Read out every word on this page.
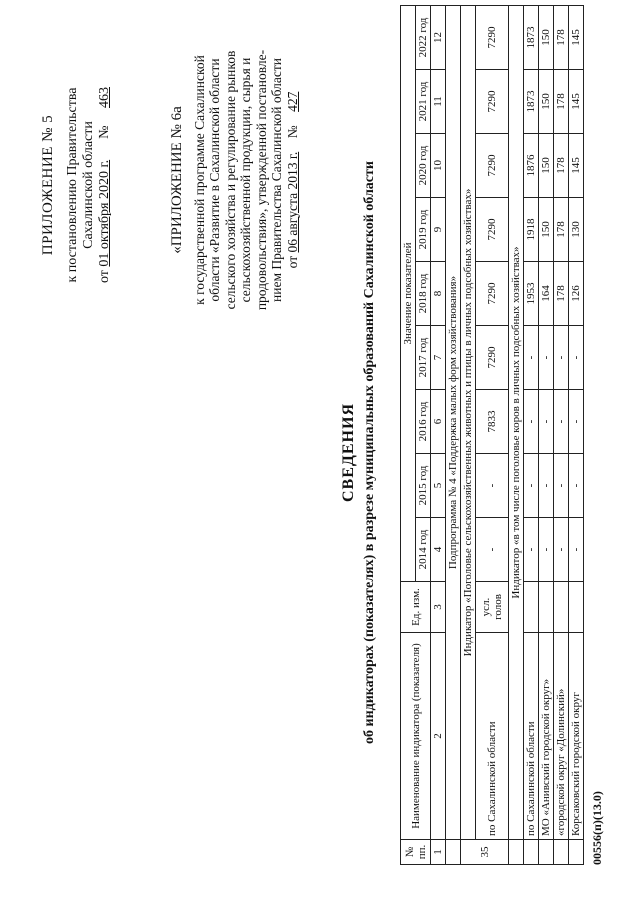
ПРИЛОЖЕНИЕ № 5 к постановлению Правительства Сахалинской области
от 01 октября 2020 г.      №     463
«ПРИЛОЖЕНИЕ № 6а к государственной программе Сахалинской области «Развитие в Сахалинской области сельского хозяйства и регулирование рынков сельскохозяйственной продукции, сырья и продовольствия», утвержденной постановле- нием Правительства Сахалинской области от 06 августа 2013 г.    №    427
СВЕДЕНИЯ об индикаторах (показателях) в разрезе муниципальных образований Сахалинской области
№ пп.	Наименование индикатора (показателя)	Ед. изм.	Значение показателей								
			2014 год	2015 год	2016 год	2017 год	2018 год	2019 год	2020 год	2021 год	2022 год
1	2	3	4	5	6	7	8	9	10	11	12
	Подпрограмма № 4 «Поддержка малых форм хозяйствования»										
35	Индикатор «Поголовье сельскохозяйственных животных и птицы в личных подсобных хозяйствах»										
	по Сахалинской области	усл. голов	-	-	7833	7290	7290	7290	7290	7290	7290
	Индикатор «в том числе поголовье коров в личных подсобных хозяйствах»										
	по Сахалинской области		-	-	-	-	1953	1918	1876	1873	1873
	МО «Анивский городской округ»		-	-	-	-	164	150	150	150	150
	«городской округ «Долинский»		-	-	-	-	178	178	178	178	178
	Корсаковский городской округ		-	-	-	-	126	130	145	145	145
00556(п)(13.0)
